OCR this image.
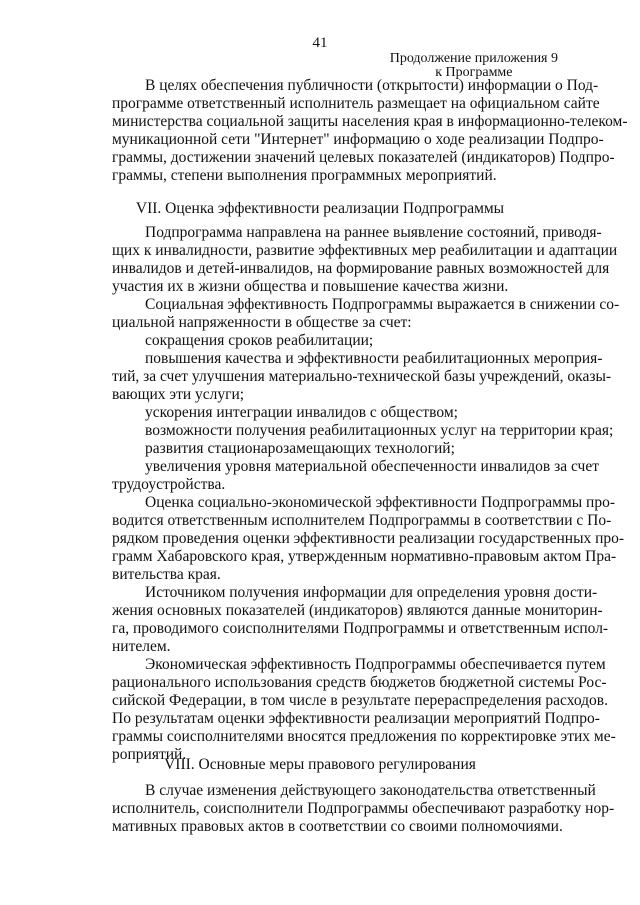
41
Продолжение приложения 9
к Программе
В целях обеспечения публичности (открытости) информации о Под-
программе ответственный исполнитель размещает на официальном сайте
министерства социальной защиты населения края в информационно-телеком-
муникационной сети "Интернет" информацию о ходе реализации Подпро-
граммы, достижении значений целевых показателей (индикаторов) Подпро-
граммы, степени выполнения программных мероприятий.
VII. Оценка эффективности реализации Подпрограммы
Подпрограмма направлена на раннее выявление состояний, приводя-
щих к инвалидности, развитие эффективных мер реабилитации и адаптации
инвалидов и детей-инвалидов, на формирование равных возможностей для
участия их в жизни общества и повышение качества жизни.
Социальная эффективность Подпрограммы выражается в снижении со-
циальной напряженности в обществе за счет:
сокращения сроков реабилитации;
повышения качества и эффективности реабилитационных мероприя-
тий, за счет улучшения материально-технической базы учреждений, оказы-
вающих эти услуги;
ускорения интеграции инвалидов с обществом;
возможности получения реабилитационных услуг на территории края;
развития стационарозамещающих технологий;
увеличения уровня материальной обеспеченности инвалидов за счет
трудоустройства.
Оценка социально-экономической эффективности Подпрограммы про-
водится ответственным исполнителем Подпрограммы в соответствии с По-
рядком проведения оценки эффективности реализации государственных про-
грамм Хабаровского края, утвержденным нормативно-правовым актом Пра-
вительства края.
Источником получения информации для определения уровня дости-
жения основных показателей (индикаторов) являются данные мониторин-
га, проводимого соисполнителями Подпрограммы и ответственным испол-
нителем.
Экономическая эффективность Подпрограммы обеспечивается путем
рационального использования средств бюджетов бюджетной системы Рос-
сийской Федерации, в том числе в результате перераспределения расходов.
По результатам оценки эффективности реализации мероприятий Подпро-
граммы соисполнителями вносятся предложения по корректировке этих ме-
роприятий.
VIII. Основные меры правового регулирования
В случае изменения действующего законодательства ответственный
исполнитель, соисполнители Подпрограммы обеспечивают разработку нор-
мативных правовых актов в соответствии со своими полномочиями.
